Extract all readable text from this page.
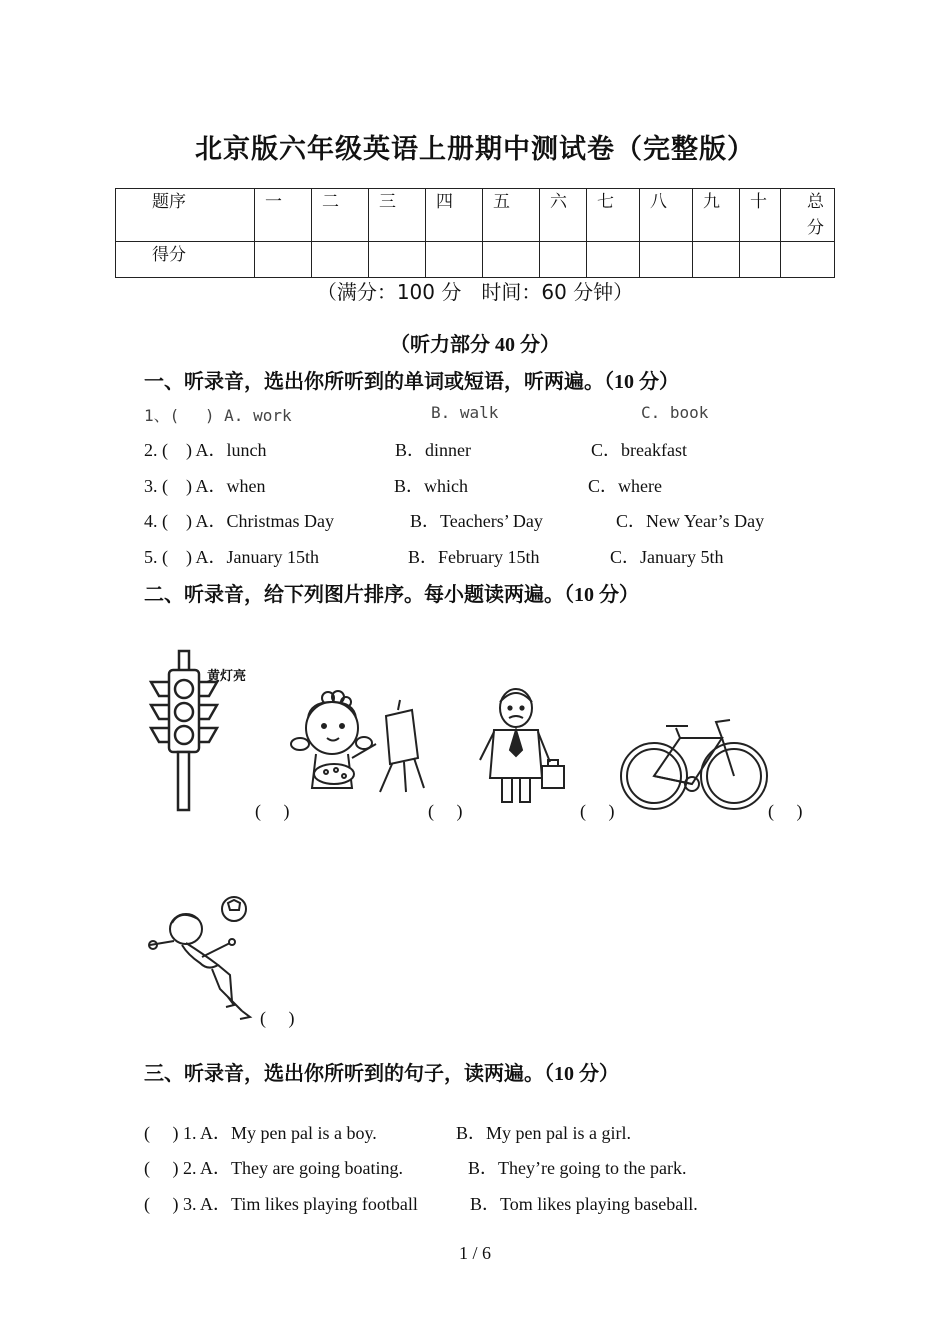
北京版六年级英语上册期中测试卷（完整版）
题序	一	二	三	四	五	六	七	八	九	十	总分
得分											
（满分：100 分　时间：60 分钟）
（听力部分 40 分）
一、听录音，选出你所听到的单词或短语，听两遍。（10 分）
1、(　 ) A. work	B. walk	C. book
2. (　) A．lunch	B．dinner	C．breakfast
3. (　) A．when	B．which	C．where
4. (　) A．Christmas Day	B．Teachers’ Day	C．New Year’s Day
5. (　) A．January 15th	B．February 15th	C．January 5th
二、听录音，给下列图片排序。每小题读两遍。（10 分）
黄灯亮
(　 )	(　 )	(　 )	(　 )
(　 )
三、听录音，选出你所听到的句子，读两遍。（10 分）
(　 ) 1. A．My pen pal is a boy.	B．My pen pal is a girl.
(　 ) 2. A．They are going boating.	B．They’re going to the park.
(　 ) 3. A．Tim likes playing football	B．Tom likes playing baseball.
1 / 6
